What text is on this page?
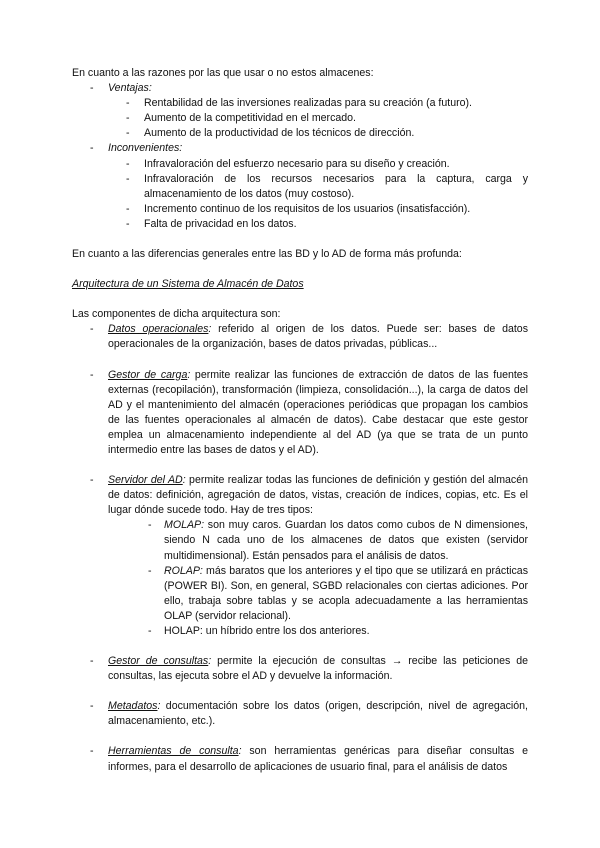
En cuanto a las razones por las que usar o no estos almacenes:

-	Ventajas:
-	Rentabilidad de las inversiones realizadas para su creación (a futuro).
-	Aumento de la competitividad en el mercado.
-	Aumento de la productividad de los técnicos de dirección.
-	Inconvenientes:
-	Infravaloración del esfuerzo necesario para su diseño y creación.
-	Infravaloración de los recursos necesarios para la captura, carga y almacenamiento de los datos (muy costoso).
-	Incremento continuo de los requisitos de los usuarios (insatisfacción).
-	Falta de privacidad en los datos.

En cuanto a las diferencias generales entre las BD y lo AD de forma más profunda:

Arquitectura de un Sistema de Almacén de Datos

Las componentes de dicha arquitectura son:

-	Datos operacionales: referido al origen de los datos. Puede ser: bases de datos operacionales de la organización, bases de datos privadas, públicas...
-	Gestor de carga: permite realizar las funciones de extracción de datos de las fuentes externas (recopilación), transformación (limpieza, consolidación...), la carga de datos del AD y el mantenimiento del almacén (operaciones periódicas que propagan los cambios de las fuentes operacionales al almacén de datos). Cabe destacar que este gestor emplea un almacenamiento independiente al del AD (ya que se trata de un punto intermedio entre las bases de datos y el AD).
-	Servidor del AD: permite realizar todas las funciones de definición y gestión del almacén de datos: definición, agregación de datos, vistas, creación de índices, copias, etc. Es el lugar dónde sucede todo. Hay de tres tipos:
-	MOLAP: son muy caros. Guardan los datos como cubos de N dimensiones, siendo N cada uno de los almacenes de datos que existen (servidor multidimensional). Están pensados para el análisis de datos.
-	ROLAP: más baratos que los anteriores y el tipo que se utilizará en prácticas (POWER BI). Son, en general, SGBD relacionales con ciertas adiciones. Por ello, trabaja sobre tablas y se acopla adecuadamente a las herramientas OLAP (servidor relacional).
-	HOLAP: un híbrido entre los dos anteriores.
-	Gestor de consultas: permite la ejecución de consultas → recibe las peticiones de consultas, las ejecuta sobre el AD y devuelve la información.
-	Metadatos: documentación sobre los datos (origen, descripción, nivel de agregación, almacenamiento, etc.).
-	Herramientas de consulta: son herramientas genéricas para diseñar consultas e informes, para el desarrollo de aplicaciones de usuario final, para el análisis de datos
